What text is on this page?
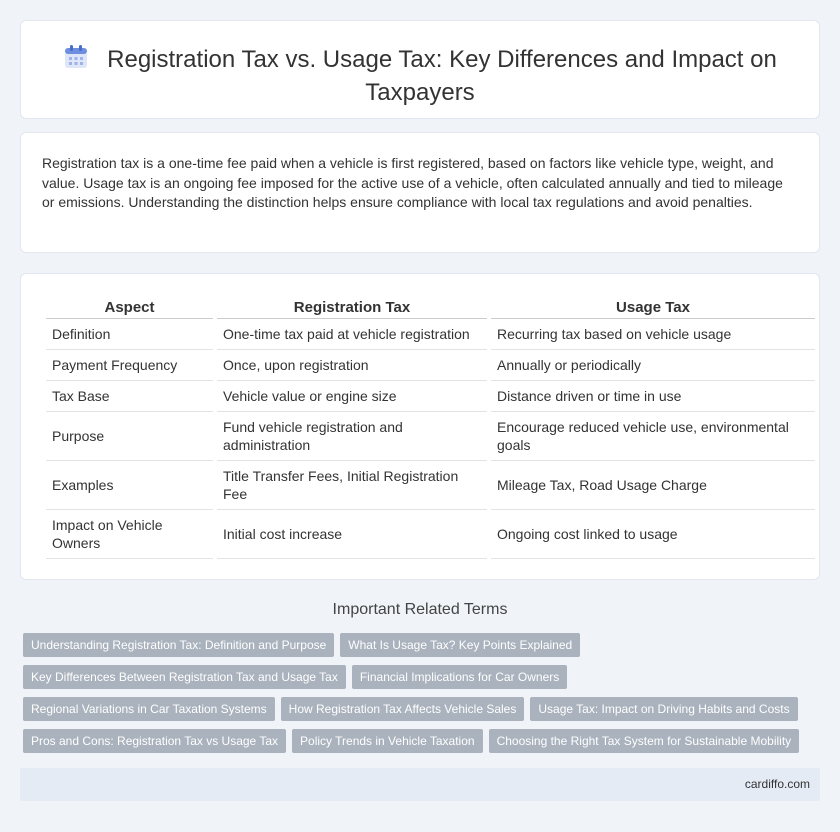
Registration Tax vs. Usage Tax: Key Differences and Impact on Taxpayers
Registration tax is a one-time fee paid when a vehicle is first registered, based on factors like vehicle type, weight, and value. Usage tax is an ongoing fee imposed for the active use of a vehicle, often calculated annually and tied to mileage or emissions. Understanding the distinction helps ensure compliance with local tax regulations and avoid penalties.
Aspect	Registration Tax	Usage Tax
Definition	One-time tax paid at vehicle registration	Recurring tax based on vehicle usage
Payment Frequency	Once, upon registration	Annually or periodically
Tax Base	Vehicle value or engine size	Distance driven or time in use
Purpose	Fund vehicle registration and administration	Encourage reduced vehicle use, environmental goals
Examples	Title Transfer Fees, Initial Registration Fee	Mileage Tax, Road Usage Charge
Impact on Vehicle Owners	Initial cost increase	Ongoing cost linked to usage
Important Related Terms
Understanding Registration Tax: Definition and Purpose What Is Usage Tax? Key Points Explained
Key Differences Between Registration Tax and Usage Tax Financial Implications for Car Owners
Regional Variations in Car Taxation Systems How Registration Tax Affects Vehicle Sales Usage Tax: Impact on Driving Habits and Costs
Pros and Cons: Registration Tax vs Usage Tax Policy Trends in Vehicle Taxation Choosing the Right Tax System for Sustainable Mobility
cardiffo.com
